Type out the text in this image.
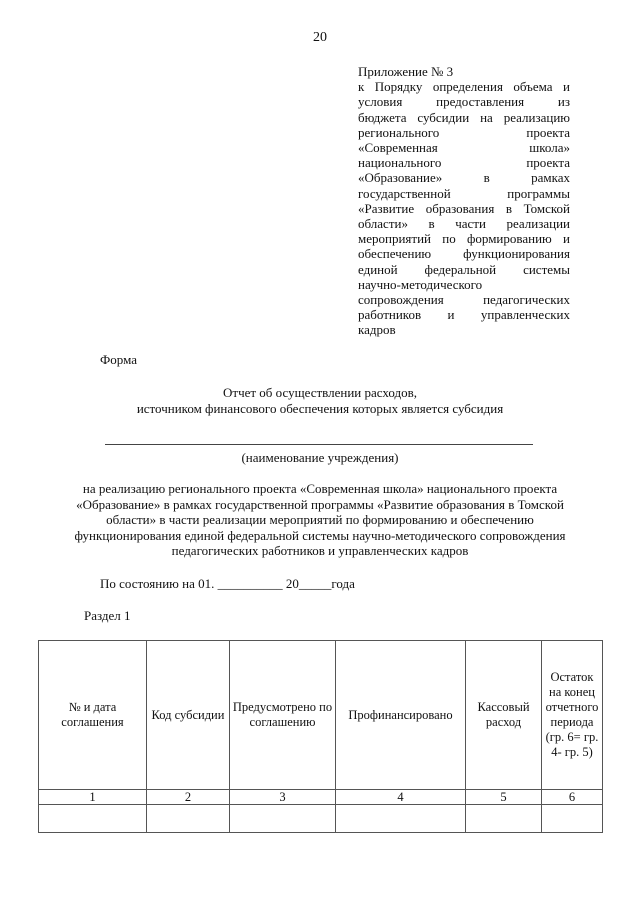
20
Приложение № 3
к Порядку определения объема и
условия предоставления из
бюджета субсидии на реализацию
регионального проекта
«Современная школа»
национального проекта
«Образование» в рамках
государственной программы
«Развитие образования в Томской
области» в части реализации
мероприятий по формированию и
обеспечению функционирования
единой федеральной системы
научно-методического
сопровождения педагогических
работников и управленческих
кадров
Форма
Отчет об осуществлении расходов,
источником финансового обеспечения которых является субсидия
(наименование учреждения)
на реализацию регионального проекта «Современная школа» национального проекта
«Образование» в рамках государственной программы «Развитие образования в Томской
области» в части реализации мероприятий по формированию и обеспечению
функционирования единой федеральной системы научно-методического сопровождения
педагогических работников и управленческих кадров
По состоянию на 01. __________ 20_____года
Раздел 1
№ и дата соглашения	Код субсидии	Предусмотрено по соглашению	Профинансировано	Кассовый расход	Остаток на конец отчетного периода (гр. 6= гр. 4- гр. 5)
1	2	3	4	5	6
